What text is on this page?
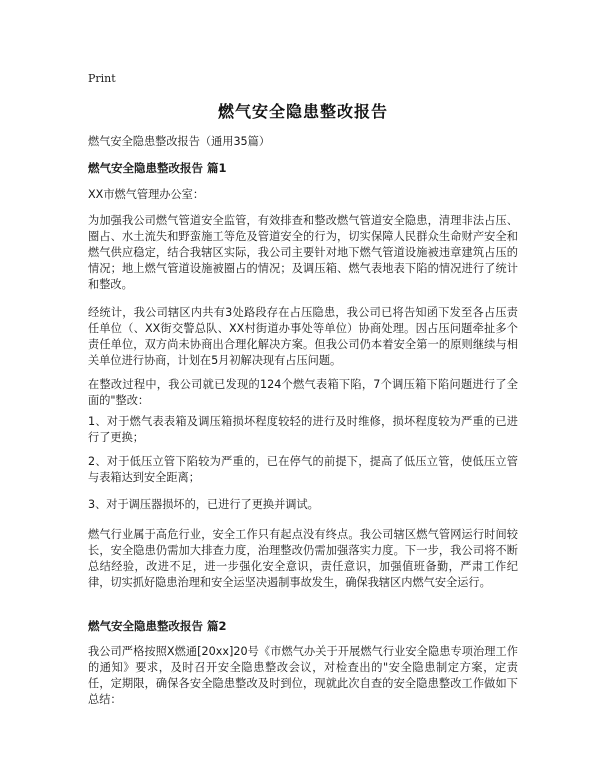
Print
燃气安全隐患整改报告

燃气安全隐患整改报告（通用35篇）

燃气安全隐患整改报告 篇1

XX市燃气管理办公室：

为加强我公司燃气管道安全监管，有效排查和整改燃气管道安全隐患，清理非法占压、圈占、水土流失和野蛮施工等危及管道安全的行为，切实保障人民群众生命财产安全和燃气供应稳定，结合我辖区实际，我公司主要针对地下燃气管道设施被违章建筑占压的情况；地上燃气管道设施被圈占的情况；及调压箱、燃气表地表下陷的情况进行了统计和整改。

经统计，我公司辖区内共有3处路段存在占压隐患，我公司已将告知函下发至各占压责任单位（、XX街交警总队、XX村街道办事处等单位）协商处理。因占压问题牵扯多个责任单位，双方尚未协商出合理化解决方案。但我公司仍本着安全第一的原则继续与相关单位进行协商，计划在5月初解决现有占压问题。

在整改过程中，我公司就已发现的124个燃气表箱下陷，7个调压箱下陷问题进行了全面的"整改：

1、对于燃气表表箱及调压箱损坏程度较轻的进行及时维修，损坏程度较为严重的已进行了更换；

2、对于低压立管下陷较为严重的，已在停气的前提下，提高了低压立管，使低压立管与表箱达到安全距离；

3、对于调压器损坏的，已进行了更换并调试。

燃气行业属于高危行业，安全工作只有起点没有终点。我公司辖区燃气管网运行时间较长，安全隐患仍需加大排查力度，治理整改仍需加强落实力度。下一步，我公司将不断总结经验，改进不足，进一步强化安全意识，责任意识，加强值班备勤，严肃工作纪律，切实抓好隐患治理和安全运坚决遏制事故发生，确保我辖区内燃气安全运行。

燃气安全隐患整改报告 篇2

我公司严格按照X燃通[20xx]20号《市燃气办关于开展燃气行业安全隐患专项治理工作的通知》要求，及时召开安全隐患整改会议，对检查出的"安全隐患制定方案，定责任，定期限，确保各安全隐患整改及时到位，现就此次自查的安全隐患整改工作做如下总结：
